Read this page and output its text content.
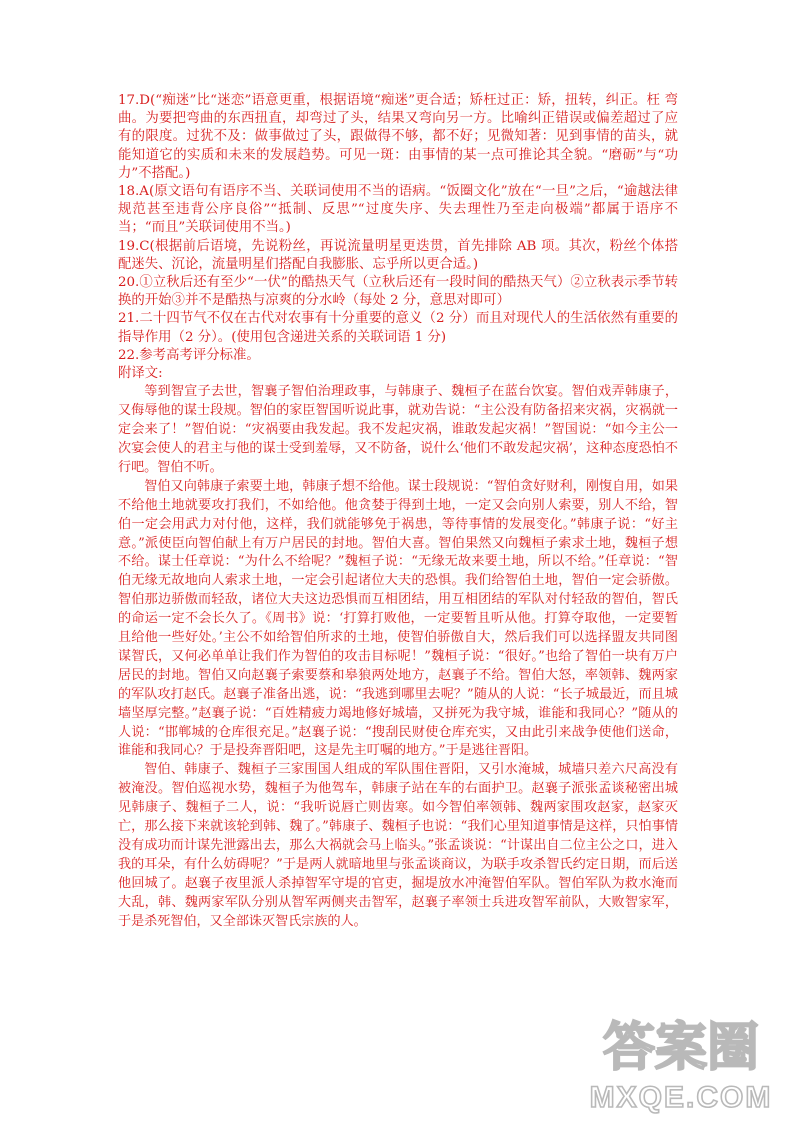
17.D(“痴迷”比“迷恋”语意更重，根据语境“痴迷”更合适；矫枉过正：矫，扭转，纠正。枉 弯曲。为要把弯曲的东西扭直，却弯过了头，结果又弯向另一方。比喻纠正错误或偏差超过了应有的限度。过犹不及：做事做过了头，跟做得不够，都不好；见微知著：见到事情的苗头，就能知道它的实质和未来的发展趋势。可见一斑：由事情的某一点可推论其全貌。“磨砺”与“功力”不搭配。)

18.A(原文语句有语序不当、关联词使用不当的语病。“饭圈文化”放在“一旦”之后，“逾越法律规范甚至违背公序良俗”“抵制、反思”“过度失序、失去理性乃至走向极端”都属于语序不当；“而且”关联词使用不当。)

19.C(根据前后语境，先说粉丝，再说流量明星更迭贯，首先排除 AB 项。其次，粉丝个体搭配迷失、沉论，流量明星们搭配自我膨胀、忘乎所以更合适。)

20.①立秋后还有至少“一伏”的酷热天气（立秋后还有一段时间的酷热天气）②立秋表示季节转换的开始③并不是酷热与凉爽的分水岭（每处 2 分，意思对即可）

21.二十四节气不仅在古代对农事有十分重要的意义（2 分）而且对现代人的生活依然有重要的指导作用（2 分）。(使用包含递进关系的关联词语 1 分)

22.参考高考评分标准。

附译文:

等到智宣子去世，智襄子智伯治理政事，与韩康子、魏桓子在蓝台饮宴。智伯戏弄韩康子，又侮辱他的谋士段规。智伯的家臣智国听说此事，就劝告说：“主公没有防备招来灾祸，灾祸就一定会来了！”智伯说：“灾祸要由我发起。我不发起灾祸，谁敢发起灾祸！”智国说：“如今主公一次宴会使人的君主与他的谋士受到羞辱，又不防备，说什么‘他们不敢发起灾祸’，这种态度恐怕不行吧。智伯不听。

智伯又向韩康子索要土地，韩康子想不给他。谋士段规说：“智伯贪好财利，刚愎自用，如果不给他土地就要攻打我们，不如给他。他贪婪于得到土地，一定又会向别人索要，别人不给，智伯一定会用武力对付他，这样，我们就能够免于祸患，等待事情的发展变化。”韩康子说：“好主意。”派使臣向智伯献上有万户居民的封地。智伯大喜。智伯果然又向魏桓子索求土地，魏桓子想不给。谋士任章说：“为什么不给呢？”魏桓子说：“无缘无故来要土地，所以不给。”任章说：“智伯无缘无故地向人索求土地，一定会引起诸位大夫的恐惧。我们给智伯土地，智伯一定会骄傲。智伯那边骄傲而轻敌，诸位大夫这边恐惧而互相团结，用互相团结的军队对付轻敌的智伯，智氏的命运一定不会长久了。《周书》说：‘打算打败他，一定要暂且听从他。打算夺取他，一定要暂且给他一些好处。’主公不如给智伯所求的土地，使智伯骄傲自大，然后我们可以选择盟友共同图谋智氏，又何必单单让我们作为智伯的攻击目标呢！”魏桓子说：“很好。”也给了智伯一块有万户居民的封地。智伯又向赵襄子索要蔡和皋狼两处地方，赵襄子不给。智伯大怒，率领韩、魏两家的军队攻打赵氏。赵襄子准备出逃，说：“我逃到哪里去呢？”随从的人说：“长子城最近，而且城墙坚厚完整。”赵襄子说：“百姓精疲力竭地修好城墙，又拼死为我守城，谁能和我同心？”随从的人说：“邯郸城的仓库很充足。”赵襄子说：“搜刮民财使仓库充实，又由此引来战争使他们送命，谁能和我同心？于是投奔晋阳吧，这是先主叮嘱的地方。”于是逃往晋阳。

智伯、韩康子、魏桓子三家围国人组成的军队围住晋阳，又引水淹城，城墙只差六尺高没有被淹没。智伯巡视水势，魏桓子为他驾车，韩康子站在车的右面护卫。赵襄子派张孟谈秘密出城见韩康子、魏桓子二人，说：“我听说唇亡则齿寒。如今智伯率领韩、魏两家围攻赵家，赵家灭亡，那么接下来就该轮到韩、魏了。”韩康子、魏桓子也说：“我们心里知道事情是这样，只怕事情没有成功而计谋先泄露出去，那么大祸就会马上临头。”张孟谈说：“计谋出自二位主公之口，进入我的耳朵，有什么妨碍呢？”于是两人就暗地里与张孟谈商议，为联手攻杀智氏约定日期，而后送他回城了。赵襄子夜里派人杀掉智军守堤的官吏，掘堤放水冲淹智伯军队。智伯军队为救水淹而大乱，韩、魏两家军队分别从智军两侧夹击智军，赵襄子率领士兵进攻智军前队，大败智家军，于是杀死智伯，又全部诛灭智氏宗族的人。

答案圈
MXQE.COM
